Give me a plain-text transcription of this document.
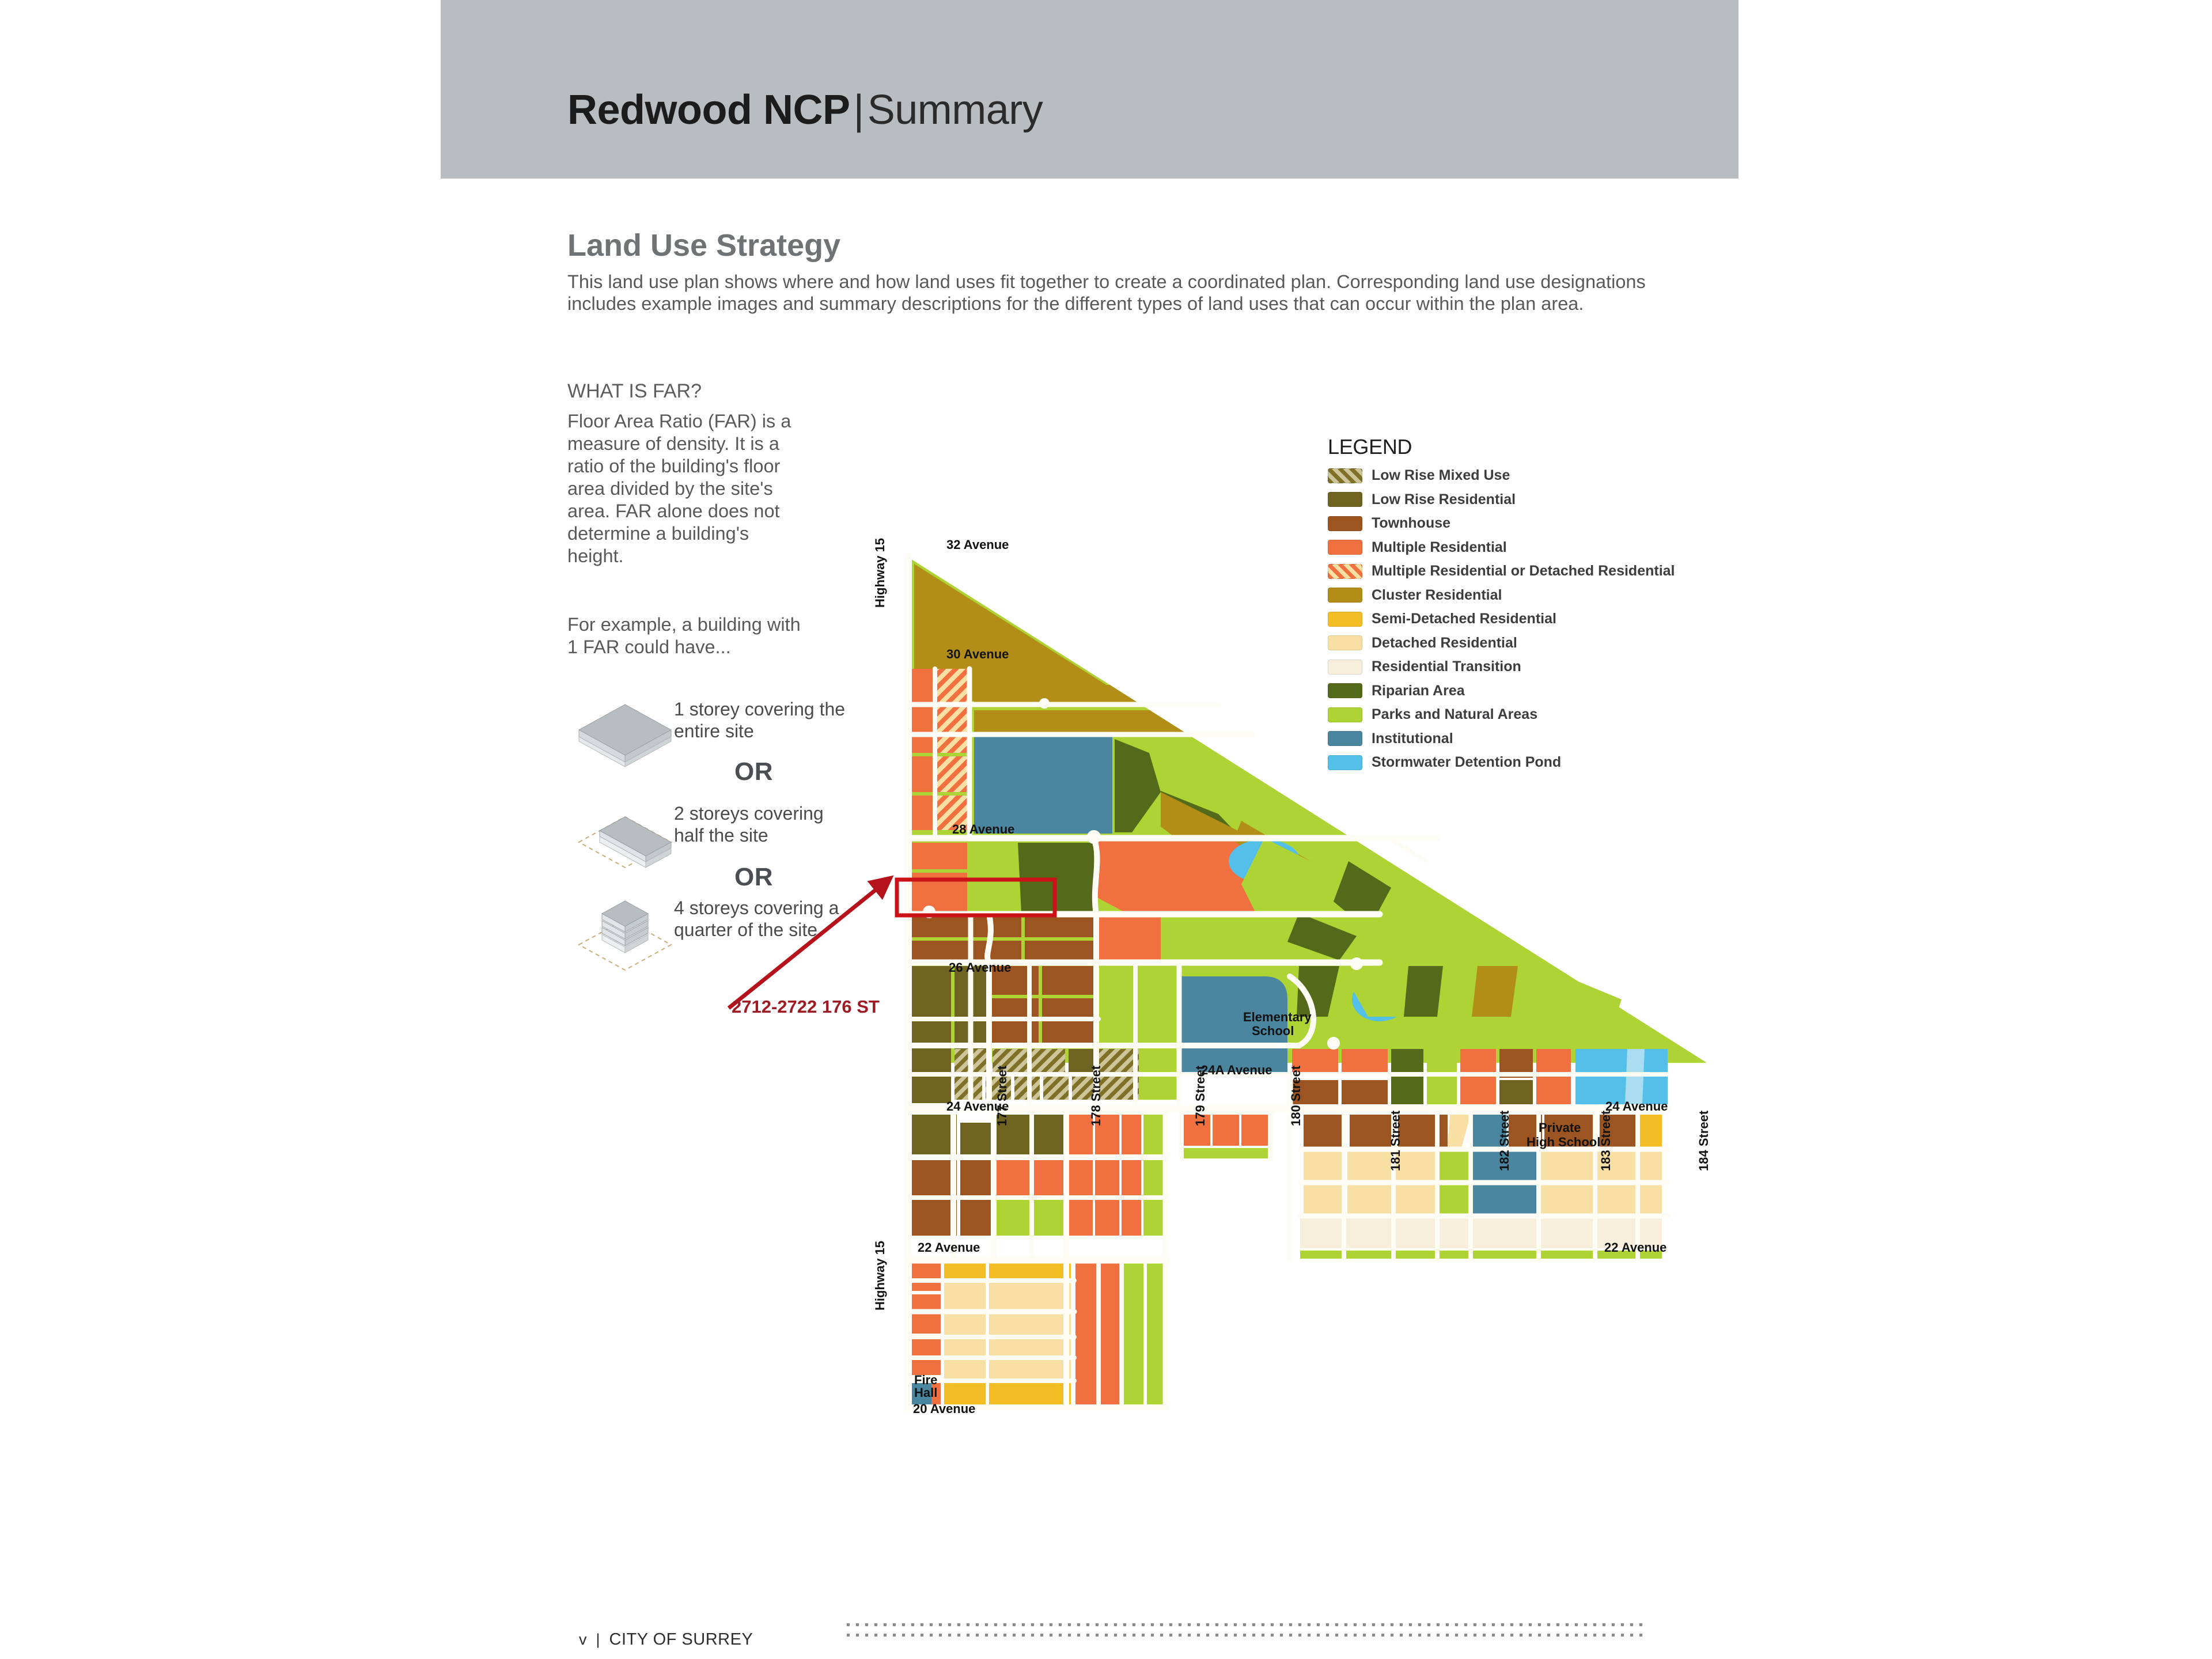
Redwood NCP|Summary
Land Use Strategy
This land use plan shows where and how land uses fit together to create a coordinated plan. Corresponding land use designations includes example images and summary descriptions for the different types of land uses that can occur within the plan area.
WHAT IS FAR?
Floor Area Ratio (FAR) is a measure of density. It is a ratio of the building's floor area divided by the site's area. FAR alone does not determine a building's height.
For example, a building with 1 FAR could have...
1 storey covering the entire site
OR
2 storeys covering half the site
OR
4 storeys covering a quarter of the site
2712-2722 176 ST
32 Avenue
Highway 15
30 Avenue
28 Avenue
26 Avenue
Elementary
School
24A Avenue
24 Avenue	24 Avenue
177 Street	178 Street	179 Street	180 Street
181 Street	182 Street	183 Street	184 Street
Private
High School
22 Avenue	22 Avenue
Highway 15
Fire
Hall
20 Avenue
LEGEND
Low Rise Mixed Use
Low Rise Residential
Townhouse
Multiple Residential
Multiple Residential or Detached Residential
Cluster Residential
Semi-Detached Residential
Detached Residential
Residential Transition
Riparian Area
Parks and Natural Areas
Institutional
Stormwater Detention Pond
v | CITY OF SURREY
